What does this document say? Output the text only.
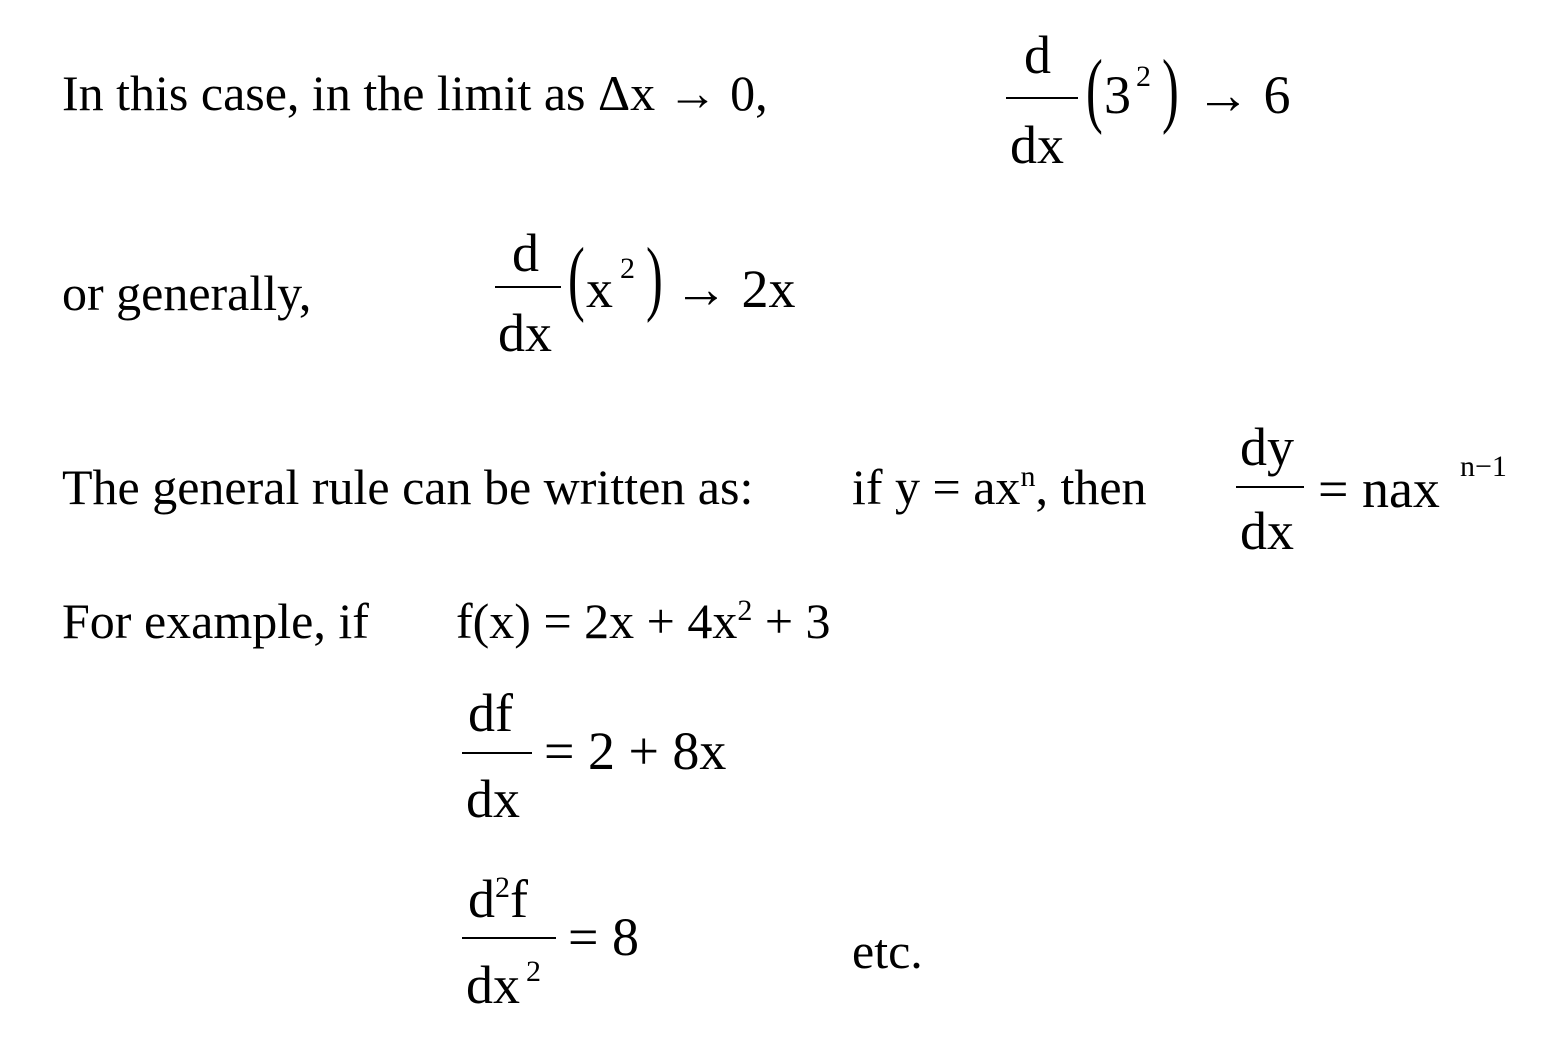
In this case, in the limit as Δx → 0,
d
dx
( 3 2 ) → 6
or generally,
d
dx
( x 2 ) → 2x
The general rule can be written as: if $y = ax^n$, then
dy
dx
= nax n−1
For example, if $f(x) = 2x + 4x^2 + 3$
df
dx
= 2 + 8x
$d^2f$
dx $^2$
= 8	etc.
